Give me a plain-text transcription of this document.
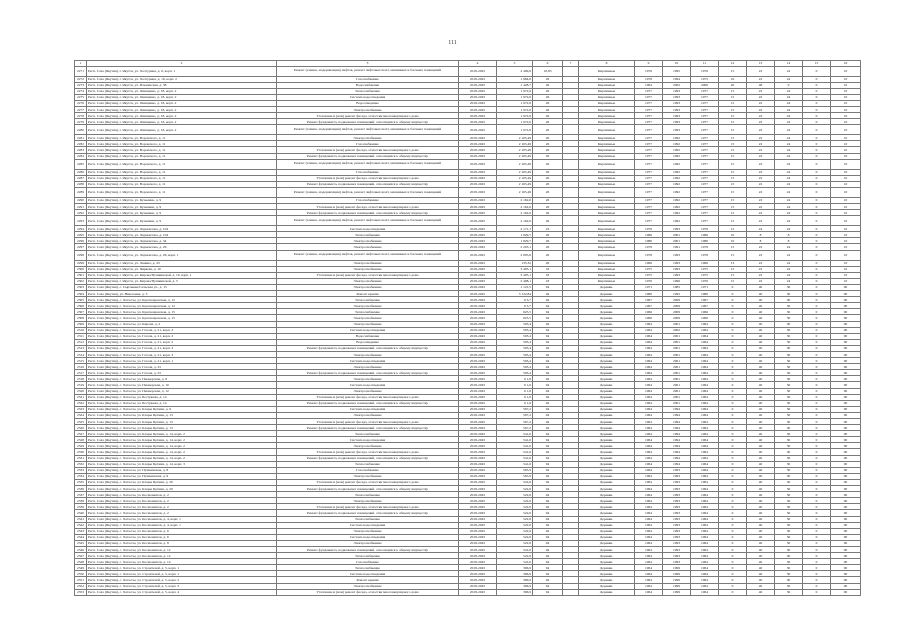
111
1	2	3	4	5	6	7	8	9	10	11	12	13	14	15	16
2271	Респ. Саха (Якутия), г. Якутск, ул. Халтурина, д. 6, корп. 1	Ремонт (замена, модернизация) лифтов, ремонт лифтовых шахт, машинных и блочных помещений	2018-2045	2 499,6	10,83		Кирпичные	1976	1995	1976	15	22	24	0	10
2272	Респ. Саха (Якутия), г. Якутск, ул. Халтурина, д. 16, корп. 2	Газоснабжение	2018-2045	1 984,6	26		Кирпичные	1978	1994	1975	16	22	24	0	10
2273	Респ. Саха (Якутия), г. Якутск, ул. Ильменская, д. 38	Водоснабжение	2018-2045	1 428,7	26		Кирпичные	1964	2002	2006	20	48	9	0	10
2274	Респ. Саха (Якутия), г. Якутск, ул. Онищенко, д. 18, корп. 2	Теплоснабжение	2018-2045	1 972,6	26		Кирпичные	1977	1993	1977	15	22	24	0	10
2275	Респ. Саха (Якутия), г. Якутск, ул. Онищенко, д. 18, корп. 2	Система водоотведения	2018-2045	1 972,6	26		Кирпичные	1977	1993	1977	15	22	24	0	10
2276	Респ. Саха (Якутия), г. Якутск, ул. Онищенко, д. 18, корп. 2	Водоотведение	2018-2045	1 972,6	26		Кирпичные	1977	1993	1977	15	22	24	0	10
2277	Респ. Саха (Якутия), г. Якутск, ул. Онищенко, д. 18, корп. 2	Электроснабжение	2018-2045	1 972,6	26		Кирпичные	1977	1993	1977	15	22	24	0	10
2278	Респ. Саха (Якутия), г. Якутск, ул. Онищенко, д. 18, корп. 2	Утепление и (или) ремонт фасада, отмостки многоквартирного дома	2018-2045	1 972,6	26		Кирпичные	1977	1993	1977	15	22	24	0	10
2279	Респ. Саха (Якутия), г. Якутск, ул. Онищенко, д. 18, корп. 2	Ремонт фундамента, подвальных помещений, относящихся к общему имуществу	2018-2045	1 972,6	26		Кирпичные	1977	1993	1977	15	22	24	0	10
2280	Респ. Саха (Якутия), г. Якутск, ул. Онищенко, д. 18, корп. 2	Ремонт (замена, модернизация) лифтов, ремонт лифтовых шахт, машинных и блочных помещений	2018-2045	1 972,6	26		Кирпичные	1977	1993	1977	15	22	24	0	10
2281	Респ. Саха (Якутия), г. Якутск, ул. Воровского, д. 11	Электроснабжение	2018-2045	2 165,49	26		Кирпичные	1977	1992	1977	15	22	24	0	10
2282	Респ. Саха (Якутия), г. Якутск, ул. Воровского, д. 11	Газоснабжение	2018-2045	2 165,49	26		Кирпичные	1977	1992	1977	15	22	24	0	10
2283	Респ. Саха (Якутия), г. Якутск, ул. Воровского, д. 11	Утепление и (или) ремонт фасада, отмостки многоквартирного дома	2018-2045	2 165,49	26		Кирпичные	1977	1992	1977	15	22	24	0	10
2284	Респ. Саха (Якутия), г. Якутск, ул. Воровского, д. 11	Ремонт фундамента, подвальных помещений, относящихся к общему имуществу	2018-2045	2 165,49	26		Кирпичные	1977	1992	1977	15	22	24	0	10
2285	Респ. Саха (Якутия), г. Якутск, ул. Воровского, д. 11	Ремонт (замена, модернизация) лифтов, ремонт лифтовых шахт, машинных и блочных помещений	2018-2045	2 165,49	26		Кирпичные	1977	1992	1977	15	22	24	0	10
2286	Респ. Саха (Якутия), г. Якутск, ул. Воровского, д. 11	Газоснабжение	2018-2045	2 165,49	26		Кирпичные	1977	1992	1977	15	22	24	0	10
2287	Респ. Саха (Якутия), г. Якутск, ул. Воровского, д. 11	Утепление и (или) ремонт фасада, отмостки многоквартирного дома	2018-2045	2 165,49	26		Кирпичные	1977	1992	1977	15	22	24	0	10
2288	Респ. Саха (Якутия), г. Якутск, ул. Воровского, д. 11	Ремонт фундамента, подвальных помещений, относящихся к общему имуществу	2018-2045	2 165,49	26		Кирпичные	1977	1992	1977	15	22	24	0	10
2289	Респ. Саха (Якутия), г. Якутск, ул. Воровского, д. 11	Ремонт (замена, модернизация) лифтов, ремонт лифтовых шахт, машинных и блочных помещений	2018-2045	2 165,49	26		Кирпичные	1977	1992	1977	15	22	24	0	10
2290	Респ. Саха (Якутия), г. Якутск, ул. Кузьмина, д. 9	Газоснабжение	2018-2045	2 162,6	26		Кирпичные	1977	1992	1977	15	22	24	0	10
2291	Респ. Саха (Якутия), г. Якутск, ул. Кузьмина, д. 9	Утепление и (или) ремонт фасада, отмостки многоквартирного дома	2018-2045	2 162,6	26		Кирпичные	1977	1992	1977	15	22	24	0	10
2292	Респ. Саха (Якутия), г. Якутск, ул. Кузьмина, д. 9	Ремонт фундамента, подвальных помещений, относящихся к общему имуществу	2018-2045	2 162,6	26		Кирпичные	1977	1992	1977	15	22	24	0	10
2293	Респ. Саха (Якутия), г. Якутск, ул. Кузьмина, д. 9	Ремонт (замена, модернизация) лифтов, ремонт лифтовых шахт, машинных и блочных помещений	2018-2045	2 162,6	26		Кирпичные	1977	1992	1977	15	22	24	0	10
2294	Респ. Саха (Якутия), г. Якутск, ул. Лермонтова, д. 104	Система водоотведения	2018-2045	2 171,1	23		Кирпичные	1976	1993	1976	15	24	24	0	10
2295	Респ. Саха (Якутия), г. Якутск, ул. Лермонтова, д. 104	Теплоснабжение	2018-2045	1 829,7	26		Кирпичные	1986	2001	1986	10	8	8	0	10
2296	Респ. Саха (Якутия), г. Якутск, ул. Лермонтова, д. 34	Электроснабжение	2018-2045	1 829,7	26		Кирпичные	1986	2001	1986	10	8	8	0	10
2297	Респ. Саха (Якутия), г. Якутск, ул. Лермонтова, д. 26	Электроснабжение	2018-2045	2 203,1	26		Кирпичные	1979	1991	1979	15	22	24	0	10
2298	Респ. Саха (Якутия), г. Якутск, ул. Лермонтова, д. 26, корп. 1	Ремонт (замена, модернизация) лифтов, ремонт лифтовых шахт, машинных и блочных помещений	2018-2045	2 095,6	26		Кирпичные	1978	1993	1978	15	22	24	0	10
2299	Респ. Саха (Якутия), г. Якутск, ул. Ленина, д. 43	Электроснабжение	2018-2045	135,32	26		Кирпичные	1966	1993	1966	13	22	24	0	10
2300	Респ. Саха (Якутия), г. Якутск, ул. Чиряева, д. 10	Электроснабжение	2018-2045	3 405,1	18		Кирпичные	1975	1993	1975	15	22	24	0	10
2301	Респ. Саха (Якутия), г. Якутск, ул. Кирова/Пушкинской, д. 19, корп. 1	Утепление и (или) ремонт фасада, отмостки многоквартирного дома	2018-2045	3 405,1	18		Кирпичные	1975	1993	1975	15	22	24	0	10
2302	Респ. Саха (Якутия), г. Якутск, ул. Кирова/Пушкинской, д. 5	Электроснабжение	2018-2045	2 408,1	18		Кирпичные	1970	1996	1970	15	22	24	0	10
2303	Респ. Саха (Якутия), с. Сыртыкан/Сельская ул., д. 15	Электроснабжение	2018-2045	1 121,5	94		Деревян.	1971	1985	1971	0	40	30	0	00
2304	Респ. Саха (Якутия), ул. Николаева, д. 3	Ремонт крыши	2018-2045	3 122,84	94		Деревян.	1980	1995	1980	0	40	30	0	00
2305	Респ. Саха (Якутия), с. Хатассы, ул. Краснояровская, д. 12	Теплоснабжение	2018-2045	6 3,7	94		Деревян.	1967	2009	1967	0	40	30	0	00
2306	Респ. Саха (Якутия), с. Хатассы, ул. Краснояровская, д. 12	Электроснабжение	2018-2045	6 3,7	94		Деревян.	1967	2009	1967	0	40	30	0	00
2307	Респ. Саха (Якутия), с. Хатассы, ул. Краснояровская, д. 15	Теплоснабжение	2018-2045	625,5	94		Деревян.	1966	2009	1966	0	40	30	0	00
2308	Респ. Саха (Якутия), с. Хатассы, ул. Краснояровская, д. 15	Электроснабжение	2018-2045	625,5	94		Деревян.	1966	2009	1966	0	40	30	0	00
2309	Респ. Саха (Якутия), с. Хатассы, ул. Кирова, д. 2	Электроснабжение	2018-2045	593,4	94		Деревян.	1964	2001	1964	0	40	30	0	00
2310	Респ. Саха (Якутия), с. Хатассы, ул. Гоголя, д. 21, корп. 3	Система водоотведения	2018-2045	593,4	94		Деревян.	1964	2002	1964	0	40	30	0	00
2311	Респ. Саха (Якутия), с. Хатассы, ул. Гоголя, д. 21, корп. 2	Водоснабжение	2018-2045	593,4	94		Деревян.	1964	2001	1964	0	40	30	0	00
2312	Респ. Саха (Якутия), с. Хатассы, ул. Гоголя, д. 21, корп. 2	Водоотведение	2018-2045	593,4	94		Деревян.	1964	2001	1964	0	40	30	0	00
2313	Респ. Саха (Якутия), с. Хатассы, ул. Гоголя, д. 21, корп. 3	Ремонт фундамента, подвальных помещений, относящихся к общему имуществу	2018-2045	593,4	94		Деревян.	1964	2001	1964	0	40	30	0	00
2314	Респ. Саха (Якутия), с. Хатассы, ул. Гоголя, д. 21, корп. 3	Электроснабжение	2018-2045	593,4	94		Деревян.	1964	2001	1964	0	40	30	0	00
2315	Респ. Саха (Якутия), с. Хатассы, ул. Гоголя, д. 21, корп. 1	Система водоотведения	2018-2045	593,4	94		Деревян.	1964	2001	1964	0	40	30	0	00
2316	Респ. Саха (Якутия), с. Хатассы, ул. Гоголя, д. 25	Электроснабжение	2018-2045	593,4	94		Деревян.	1964	2001	1964	0	40	30	0	00
2317	Респ. Саха (Якутия), с. Хатассы, ул. Гоголя, д. 25	Ремонт фундамента, подвальных помещений, относящихся к общему имуществу	2018-2045	593,4	94		Деревян.	1964	2001	1964	0	40	30	0	00
2318	Респ. Саха (Якутия), с. Хатассы, ул. Пионерская, д. 8	Электроснабжение	2018-2045	6 1,6	94		Деревян.	1964	2001	1964	0	40	30	0	00
2319	Респ. Саха (Якутия), с. Хатассы, ул. Пионерская, д. 10	Система водоотведения	2018-2045	6 1,6	94		Деревян.	1964	2001	1964	0	40	30	0	00
2320	Респ. Саха (Якутия), с. Хатассы, ул. Пионерская, д. 12	Электроснабжение	2018-2045	6 1,6	94		Деревян.	1964	2001	1964	0	40	30	0	00
2321	Респ. Саха (Якутия), с. Хатассы, ул. Бестужева, д. 14	Утепление и (или) ремонт фасада, отмостки многоквартирного дома	2018-2045	6 1,6	94		Деревян.	1964	2001	1964	0	40	30	0	00
2322	Респ. Саха (Якутия), с. Хатассы, ул. Бестужева, д. 14	Ремонт фундамента, подвальных помещений, относящихся к общему имуществу	2018-2045	6 1,6	94		Деревян.	1964	2001	1964	0	40	30	0	00
2323	Респ. Саха (Якутия), с. Хатассы, ул. Клары Цеткин, д. 9	Система водоотведения	2018-2045	567,2	94		Деревян.	1964	1994	1964	0	40	30	0	00
2324	Респ. Саха (Якутия), с. Хатассы, ул. Клары Цеткин, д. 13	Электроснабжение	2018-2045	567,2	94		Деревян.	1964	1994	1964	0	40	30	0	00
2325	Респ. Саха (Якутия), с. Хатассы, ул. Клары Цеткин, д. 13	Утепление и (или) ремонт фасада, отмостки многоквартирного дома	2018-2045	567,2	94		Деревян.	1964	1994	1964	0	40	30	0	00
2326	Респ. Саха (Якутия), с. Хатассы, ул. Клары Цеткин, д. 13	Ремонт фундамента, подвальных помещений, относящихся к общему имуществу	2018-2045	567,2	94		Деревян.	1964	1994	1964	0	40	30	0	00
2327	Респ. Саха (Якутия), с. Хатассы, ул. Клары Цеткин, д. 14, корп. 2	Теплоснабжение	2018-2045	541,6	94		Деревян.	1964	1994	1964	0	40	30	0	00
2328	Респ. Саха (Якутия), с. Хатассы, ул. Клары Цеткин, д. 14, корп. 2	Система водоотведения	2018-2045	541,6	94		Деревян.	1964	1994	1964	0	40	30	0	00
2329	Респ. Саха (Якутия), с. Хатассы, ул. Клары Цеткин, д. 14, корп. 2	Электроснабжение	2018-2045	541,6	94		Деревян.	1964	1994	1964	0	40	30	0	00
2330	Респ. Саха (Якутия), с. Хатассы, ул. Клары Цеткин, д. 14, корп. 2	Утепление и (или) ремонт фасада, отмостки многоквартирного дома	2018-2045	541,6	94		Деревян.	1964	1994	1964	0	40	30	0	00
2331	Респ. Саха (Якутия), с. Хатассы, ул. Клары Цеткин, д. 14, корп. 2	Ремонт фундамента, подвальных помещений, относящихся к общему имуществу	2018-2045	541,6	94		Деревян.	1964	1994	1964	0	40	30	0	00
2332	Респ. Саха (Якутия), с. Хатассы, ул. Клары Цеткин, д. 14, корп. 3	Теплоснабжение	2018-2045	541,6	94		Деревян.	1964	1994	1964	0	40	30	0	00
2333	Респ. Саха (Якутия), с. Хатассы, ул. Пушкинская, д. 8	Газоснабжение	2018-2045	565,9	94		Деревян.	1964	1993	1964	0	40	30	0	00
2334	Респ. Саха (Якутия), с. Хатассы, ул. Пушкинская, д. 9	Электроснабжение	2018-2045	565,9	94		Деревян.	1964	1993	1964	0	40	30	0	00
2335	Респ. Саха (Якутия), с. Хатассы, ул. Клары Цеткин, д. 20	Утепление и (или) ремонт фасада, отмостки многоквартирного дома	2018-2045	522,6	94		Деревян.	1964	1993	1964	0	40	30	0	00
2336	Респ. Саха (Якутия), с. Хатассы, ул. Клары Цеткин, д. 20	Ремонт фундамента, подвальных помещений, относящихся к общему имуществу	2018-2045	522,6	94		Деревян.	1964	1993	1964	0	40	30	0	00
2337	Респ. Саха (Якутия), с. Хатассы, ул. Космонавтов, д. 2	Теплоснабжение	2018-2045	522,6	94		Деревян.	1964	1993	1964	0	40	30	0	00
2338	Респ. Саха (Якутия), с. Хатассы, ул. Космонавтов, д. 2	Электроснабжение	2018-2045	522,6	94		Деревян.	1964	1993	1964	0	40	30	0	00
2339	Респ. Саха (Якутия), с. Хатассы, ул. Космонавтов, д. 2	Утепление и (или) ремонт фасада, отмостки многоквартирного дома	2018-2045	522,6	94		Деревян.	1964	1993	1964	0	40	30	0	00
2340	Респ. Саха (Якутия), с. Хатассы, ул. Космонавтов, д. 2	Ремонт фундамента, подвальных помещений, относящихся к общему имуществу	2018-2045	522,6	94		Деревян.	1964	1993	1964	0	40	30	0	00
2341	Респ. Саха (Якутия), с. Хатассы, ул. Космонавтов, д. 4, корп. 1	Теплоснабжение	2018-2045	522,6	94		Деревян.	1964	1993	1964	0	40	30	0	00
2342	Респ. Саха (Якутия), с. Хатассы, ул. Космонавтов, д. 4, корп. 1	Система водоотведения	2018-2045	522,6	94		Деревян.	1964	1993	1964	0	40	30	0	00
2343	Респ. Саха (Якутия), с. Хатассы, ул. Космонавтов, д. 6	Электроснабжение	2018-2045	522,6	94		Деревян.	1964	1993	1964	0	40	30	0	00
2344	Респ. Саха (Якутия), с. Хатассы, ул. Космонавтов, д. 6	Система водоотведения	2018-2045	522,6	94		Деревян.	1964	1993	1964	0	40	30	0	00
2345	Респ. Саха (Якутия), с. Хатассы, ул. Космонавтов, д. 8	Электроснабжение	2018-2045	522,6	94		Деревян.	1964	1993	1964	0	40	30	0	00
2346	Респ. Саха (Якутия), с. Хатассы, ул. Космонавтов, д. 12	Ремонт фундамента, подвальных помещений, относящихся к общему имуществу	2018-2045	522,6	94		Деревян.	1964	1993	1964	0	40	30	0	00
2347	Респ. Саха (Якутия), с. Хатассы, ул. Космонавтов, д. 12	Теплоснабжение	2018-2045	522,6	94		Деревян.	1964	1993	1964	0	40	30	0	00
2348	Респ. Саха (Якутия), с. Хатассы, ул. Космонавтов, д. 14	Газоснабжение	2018-2045	522,6	94		Деревян.	1964	1993	1964	0	40	30	0	00
2349	Респ. Саха (Якутия), с. Хатассы, ул. Строителей, д. 5, корп. 1	Теплоснабжение	2018-2045	396,9	94		Деревян.	1964	1999	1964	0	40	30	0	00
2350	Респ. Саха (Якутия), с. Хатассы, ул. Строителей, д. 5, корп. 1	Система водоотведения	2018-2045	396,9	94		Деревян.	1964	1999	1964	0	40	30	0	00
2351	Респ. Саха (Якутия), с. Хатассы, ул. Строителей, д. 5, корп. 2	Ремонт крыши	2018-2045	396,9	94		Деревян.	1964	1999	1964	0	40	30	0	00
2352	Респ. Саха (Якутия), с. Хатассы, ул. Строителей, д. 5, корп. 3	Электроснабжение	2018-2045	396,9	94		Деревян.	1964	1999	1964	0	40	30	0	00
2353	Респ. Саха (Якутия), с. Хатассы, ул. Строителей, д. 5, корп. 4	Утепление и (или) ремонт фасада, отмостки многоквартирного дома	2018-2045	396,9	94		Деревян.	1964	1999	1964	0	40	30	0	00
